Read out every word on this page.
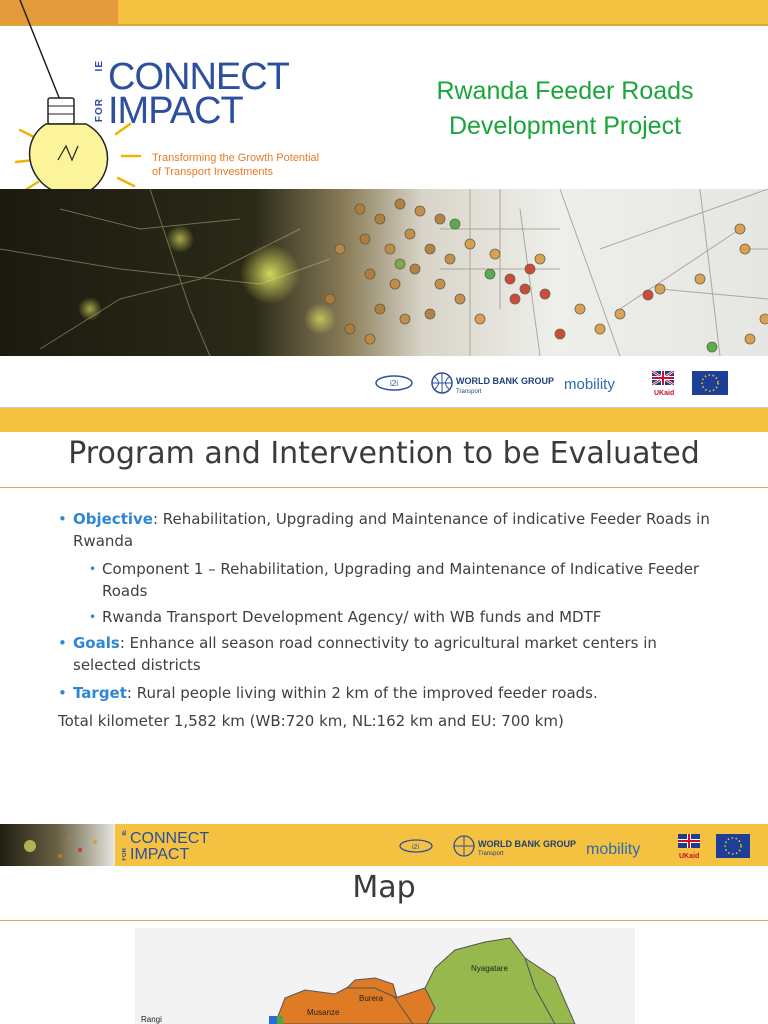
IE CONNECT
FOR IMPACT
Transforming the Growth Potential
of Transport Investments
Rwanda Feeder Roads
Development Project
i2i	WORLD BANK GROUP
Transport	mobility
UKaid
Program and Intervention to be Evaluated
• Objective: Rehabilitation, Upgrading and Maintenance of indicative Feeder Roads in Rwanda
• Component 1 – Rehabilitation, Upgrading and Maintenance of Indicative Feeder Roads
• Rwanda Transport Development Agency/ with WB funds and MDTF
• Goals: Enhance all season road connectivity to agricultural market centers in selected districts
• Target: Rural people living within 2 km of the improved feeder roads.
Total kilometer 1,582 km (WB:720 km, NL:162 km and EU: 700 km)
IE CONNECT
FOR IMPACT	i2i	WORLD BANK GROUP
Transport	mobility	UKaid
Map
Nyagatare
Burera
Musanze
Rangi
